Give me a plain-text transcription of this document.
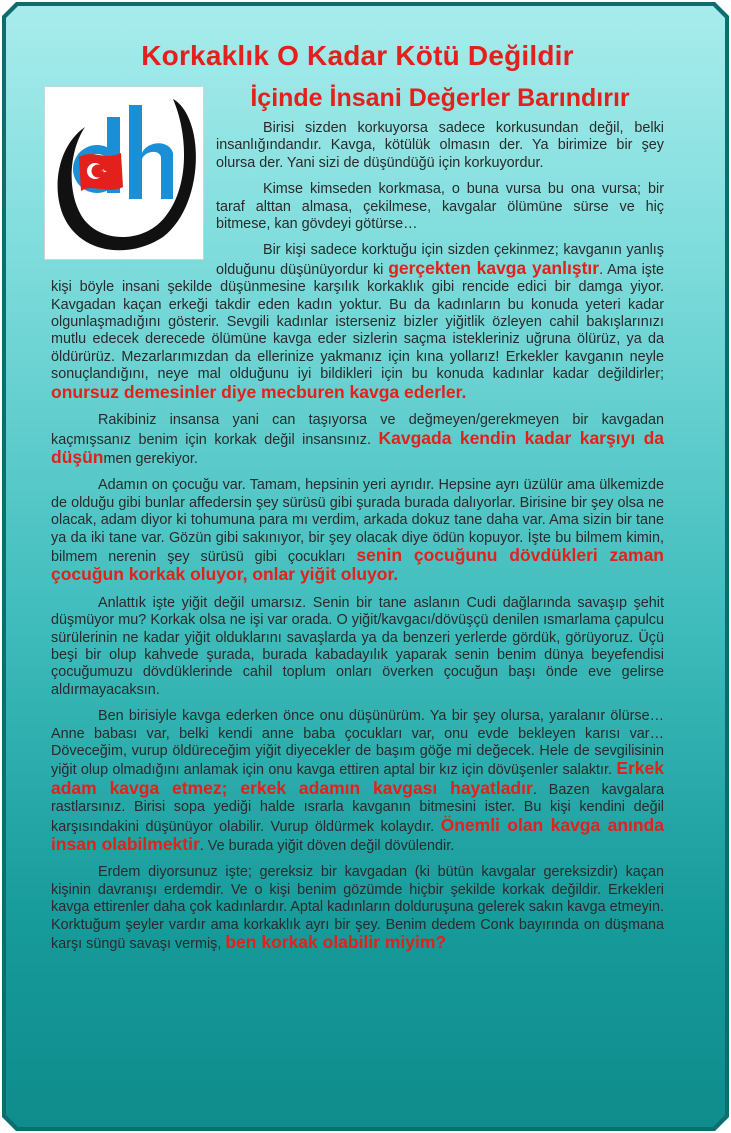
Korkaklık O Kadar Kötü Değildir
İçinde İnsani Değerler Barındırır

Birisi sizden korkuyorsa sadece korkusundan değil, belki insanlığındandır. Kavga, kötülük olmasın der. Ya birimize bir şey olursa der. Yani sizi de düşündüğü için korkuyordur.

Kimse kimseden korkmasa, o buna vursa bu ona vursa; bir taraf alttan almasa, çekilmese, kavgalar ölümüne sürse ve hiç bitmese, kan gövdeyi götürse…

Bir kişi sadece korktuğu için sizden çekinmez; kavganın yanlış olduğunu düşünüyordur ki gerçekten kavga yanlıştır. Ama işte kişi böyle insani şekilde düşünmesine karşılık korkaklık gibi rencide edici bir damga yiyor. Kavgadan kaçan erkeği takdir eden kadın yoktur. Bu da kadınların bu konuda yeteri kadar olgunlaşmadığını gösterir. Sevgili kadınlar isterseniz bizler yiğitlik özleyen cahil bakışlarınızı mutlu edecek derecede ölümüne kavga eder sizlerin saçma istekleriniz uğruna ölürüz, ya da öldürürüz. Mezarlarımızdan da ellerinize yakmanız için kına yollarız! Erkekler kavganın neyle sonuçlandığını, neye mal olduğunu iyi bildikleri için bu konuda kadınlar kadar değildirler; onursuz demesinler diye mecburen kavga ederler.

Rakibiniz insansa yani can taşıyorsa ve değmeyen/gerekmeyen bir kavgadan kaçmışsanız benim için korkak değil insansınız. Kavgada kendin kadar karşıyı da düşünmen gerekiyor.

Adamın on çocuğu var. Tamam, hepsinin yeri ayrıdır. Hepsine ayrı üzülür ama ülkemizde de olduğu gibi bunlar affedersin şey sürüsü gibi şurada burada dalıyorlar. Birisine bir şey olsa ne olacak, adam diyor ki tohumuna para mı verdim, arkada dokuz tane daha var. Ama sizin bir tane ya da iki tane var. Gözün gibi sakınıyor, bir şey olacak diye ödün kopuyor. İşte bu bilmem kimin, bilmem nerenin şey sürüsü gibi çocukları senin çocuğunu dövdükleri zaman çocuğun korkak oluyor, onlar yiğit oluyor.

Anlattık işte yiğit değil umarsız. Senin bir tane aslanın Cudi dağlarında savaşıp şehit düşmüyor mu? Korkak olsa ne işi var orada. O yiğit/kavgacı/dövüşçü denilen ısmarlama çapulcu sürülerinin ne kadar yiğit olduklarını savaşlarda ya da benzeri yerlerde gördük, görüyoruz. Üçü beşi bir olup kahvede şurada, burada kabadayılık yaparak senin benim dünya beyefendisi çocuğumuzu dövdüklerinde cahil toplum onları överken çocuğun başı önde eve gelirse aldırmayacaksın.

Ben birisiyle kavga ederken önce onu düşünürüm. Ya bir şey olursa, yaralanır ölürse… Anne babası var, belki kendi anne baba çocukları var, onu evde bekleyen karısı var… Döveceğim, vurup öldüreceğim yiğit diyecekler de başım göğe mi değecek. Hele de sevgilisinin yiğit olup olmadığını anlamak için onu kavga ettiren aptal bir kız için dövüşenler salaktır. Erkek adam kavga etmez; erkek adamın kavgası hayatladır. Bazen kavgalara rastlarsınız. Birisi sopa yediği halde ısrarla kavganın bitmesini ister. Bu kişi kendini değil karşısındakini düşünüyor olabilir. Vurup öldürmek kolaydır. Önemli olan kavga anında insan olabilmektir. Ve burada yiğit döven değil dövülendir.

Erdem diyorsunuz işte; gereksiz bir kavgadan (ki bütün kavgalar gereksizdir) kaçan kişinin davranışı erdemdir. Ve o kişi benim gözümde hiçbir şekilde korkak değildir. Erkekleri kavga ettirenler daha çok kadınlardır. Aptal kadınların dolduruşuna gelerek sakın kavga etmeyin. Korktuğum şeyler vardır ama korkaklık ayrı bir şey. Benim dedem Conk bayırında on düşmana karşı süngü savaşı vermiş, ben korkak olabilir miyim?
